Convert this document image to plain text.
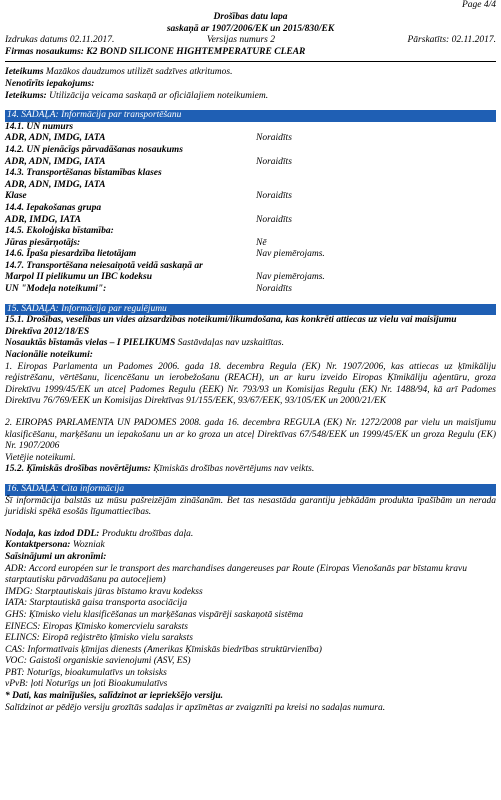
Page 4/4
Drošības datu lapa
saskaņā ar 1907/2006/EK un 2015/830/EK
Izdrukas datums 02.11.2017.	Versijas numurs 2	Pārskatīts: 02.11.2017.
Firmas nosaukums: K2 BOND SILICONE HIGHTEMPERATURE CLEAR

Ieteikums Mazākos daudzumos utilizēt sadzīves atkritumos.

Nenotīrīts iepakojums:

Ieteikums: Utilizācija veicama saskaņā ar oficiālajiem noteikumiem.

14. SADAĻA: Informācija par transportēšanu
14.1. UN numurs
ADR, ADN, IMDG, IATA	Noraidīts
14.2. UN pienācīgs pārvadāšanas nosaukums
ADR, ADN, IMDG, IATA	Noraidīts
14.3. Transportēšanas bīstamības klases
ADR, ADN, IMDG, IATA
Klase	Noraidīts
14.4. Iepakošanas grupa
ADR, IMDG, IATA	Noraidīts
14.5. Ekoloģiska bīstamība:
Jūras piesārņotājs:	Nē
14.6. Īpaša piesardzība lietotājam	Nav piemērojams.
14.7. Transportēšana neiesaiņotā veidā saskaņā ar
Marpol II pielikumu un IBC kodeksu	Nav piemērojams.
UN "Modeļa noteikumi":	Noraidīts
15. SADAĻA: Informācija par regulējumu

15.1. Drošības, veselības un vides aizsardzības noteikumi/likumdošana, kas konkrēti attiecas uz vielu vai maisījumu

Direktīva 2012/18/ES

Nosauktās bīstamās vielas – I PIELIKUMS Sastāvdaļas nav uzskaitītas.

Nacionālie noteikumi:

1. Eiropas Parlamenta un Padomes 2006. gada 18. decembra Regula (EK) Nr. 1907/2006, kas attiecas uz ķīmikāliju reģistrēšanu, vērtēšanu, licencēšanu un ierobežošanu (REACH), un ar kuru izveido Eiropas Ķīmikāliju aģentūru, groza Direktīvu 1999/45/EK un atceļ Padomes Regulu (EEK) Nr. 793/93 un Komisijas Regulu (EK) Nr. 1488/94, kā arī Padomes Direktīvu 76/769/EEK un Komisijas Direktīvas 91/155/EEK, 93/67/EEK, 93/105/EK un 2000/21/EK

2. EIROPAS PARLAMENTA UN PADOMES 2008. gada 16. decembra REGULA (EK) Nr. 1272/2008 par vielu un maisījumu klasificēšanu, marķēšanu un iepakošanu un ar ko groza un atceļ Direktīvas 67/548/EEK un 1999/45/EK un groza Regulu (EK) Nr. 1907/2006

Vietējie noteikumi.

15.2. Ķīmiskās drošības novērtējums: Ķīmiskās drošības novērtējums nav veikts.

16. SADAĻA: Cita informācija

Šī informācija balstās uz mūsu pašreizējām zināšanām. Bet tas nesastāda garantiju jebkādām produkta īpašībām un nerada juridiski spēkā esošās līgumattiecības.

Nodaļa, kas izdod DDL: Produktu drošības daļa.

Kontaktpersona: Wozniak

Saīsinājumi un akronīmi:

ADR: Accord européen sur le transport des marchandises dangereuses par Route (Eiropas Vienošanās par bīstamu kravu starptautisku pārvadāšanu pa autoceļiem)

IMDG: Starptautiskais jūras bīstamo kravu kodekss

IATA: Starptautiskā gaisa transporta asociācija

GHS: Ķīmisko vielu klasificēšanas un marķēšanas vispārēji saskaņotā sistēma

EINECS: Eiropas Ķīmisko komercvielu saraksts

ELINCS: Eiropā reģistrēto ķīmisko vielu saraksts

CAS: Informatīvais ķīmijas dienests (Amerikas Ķīmiskās biedrības struktūrvienība)

VOC: Gaistoši organiskie savienojumi (ASV, ES)

PBT: Noturīgs, bioakumulatīvs un toksisks

vPvB: ļoti Noturīgs un ļoti Bioakumulatīvs

* Dati, kas mainījušies, salīdzinot ar iepriekšējo versiju.

Salīdzinot ar pēdējo versiju grozītās sadaļas ir apzīmētas ar zvaigznīti pa kreisi no sadaļas numura.
